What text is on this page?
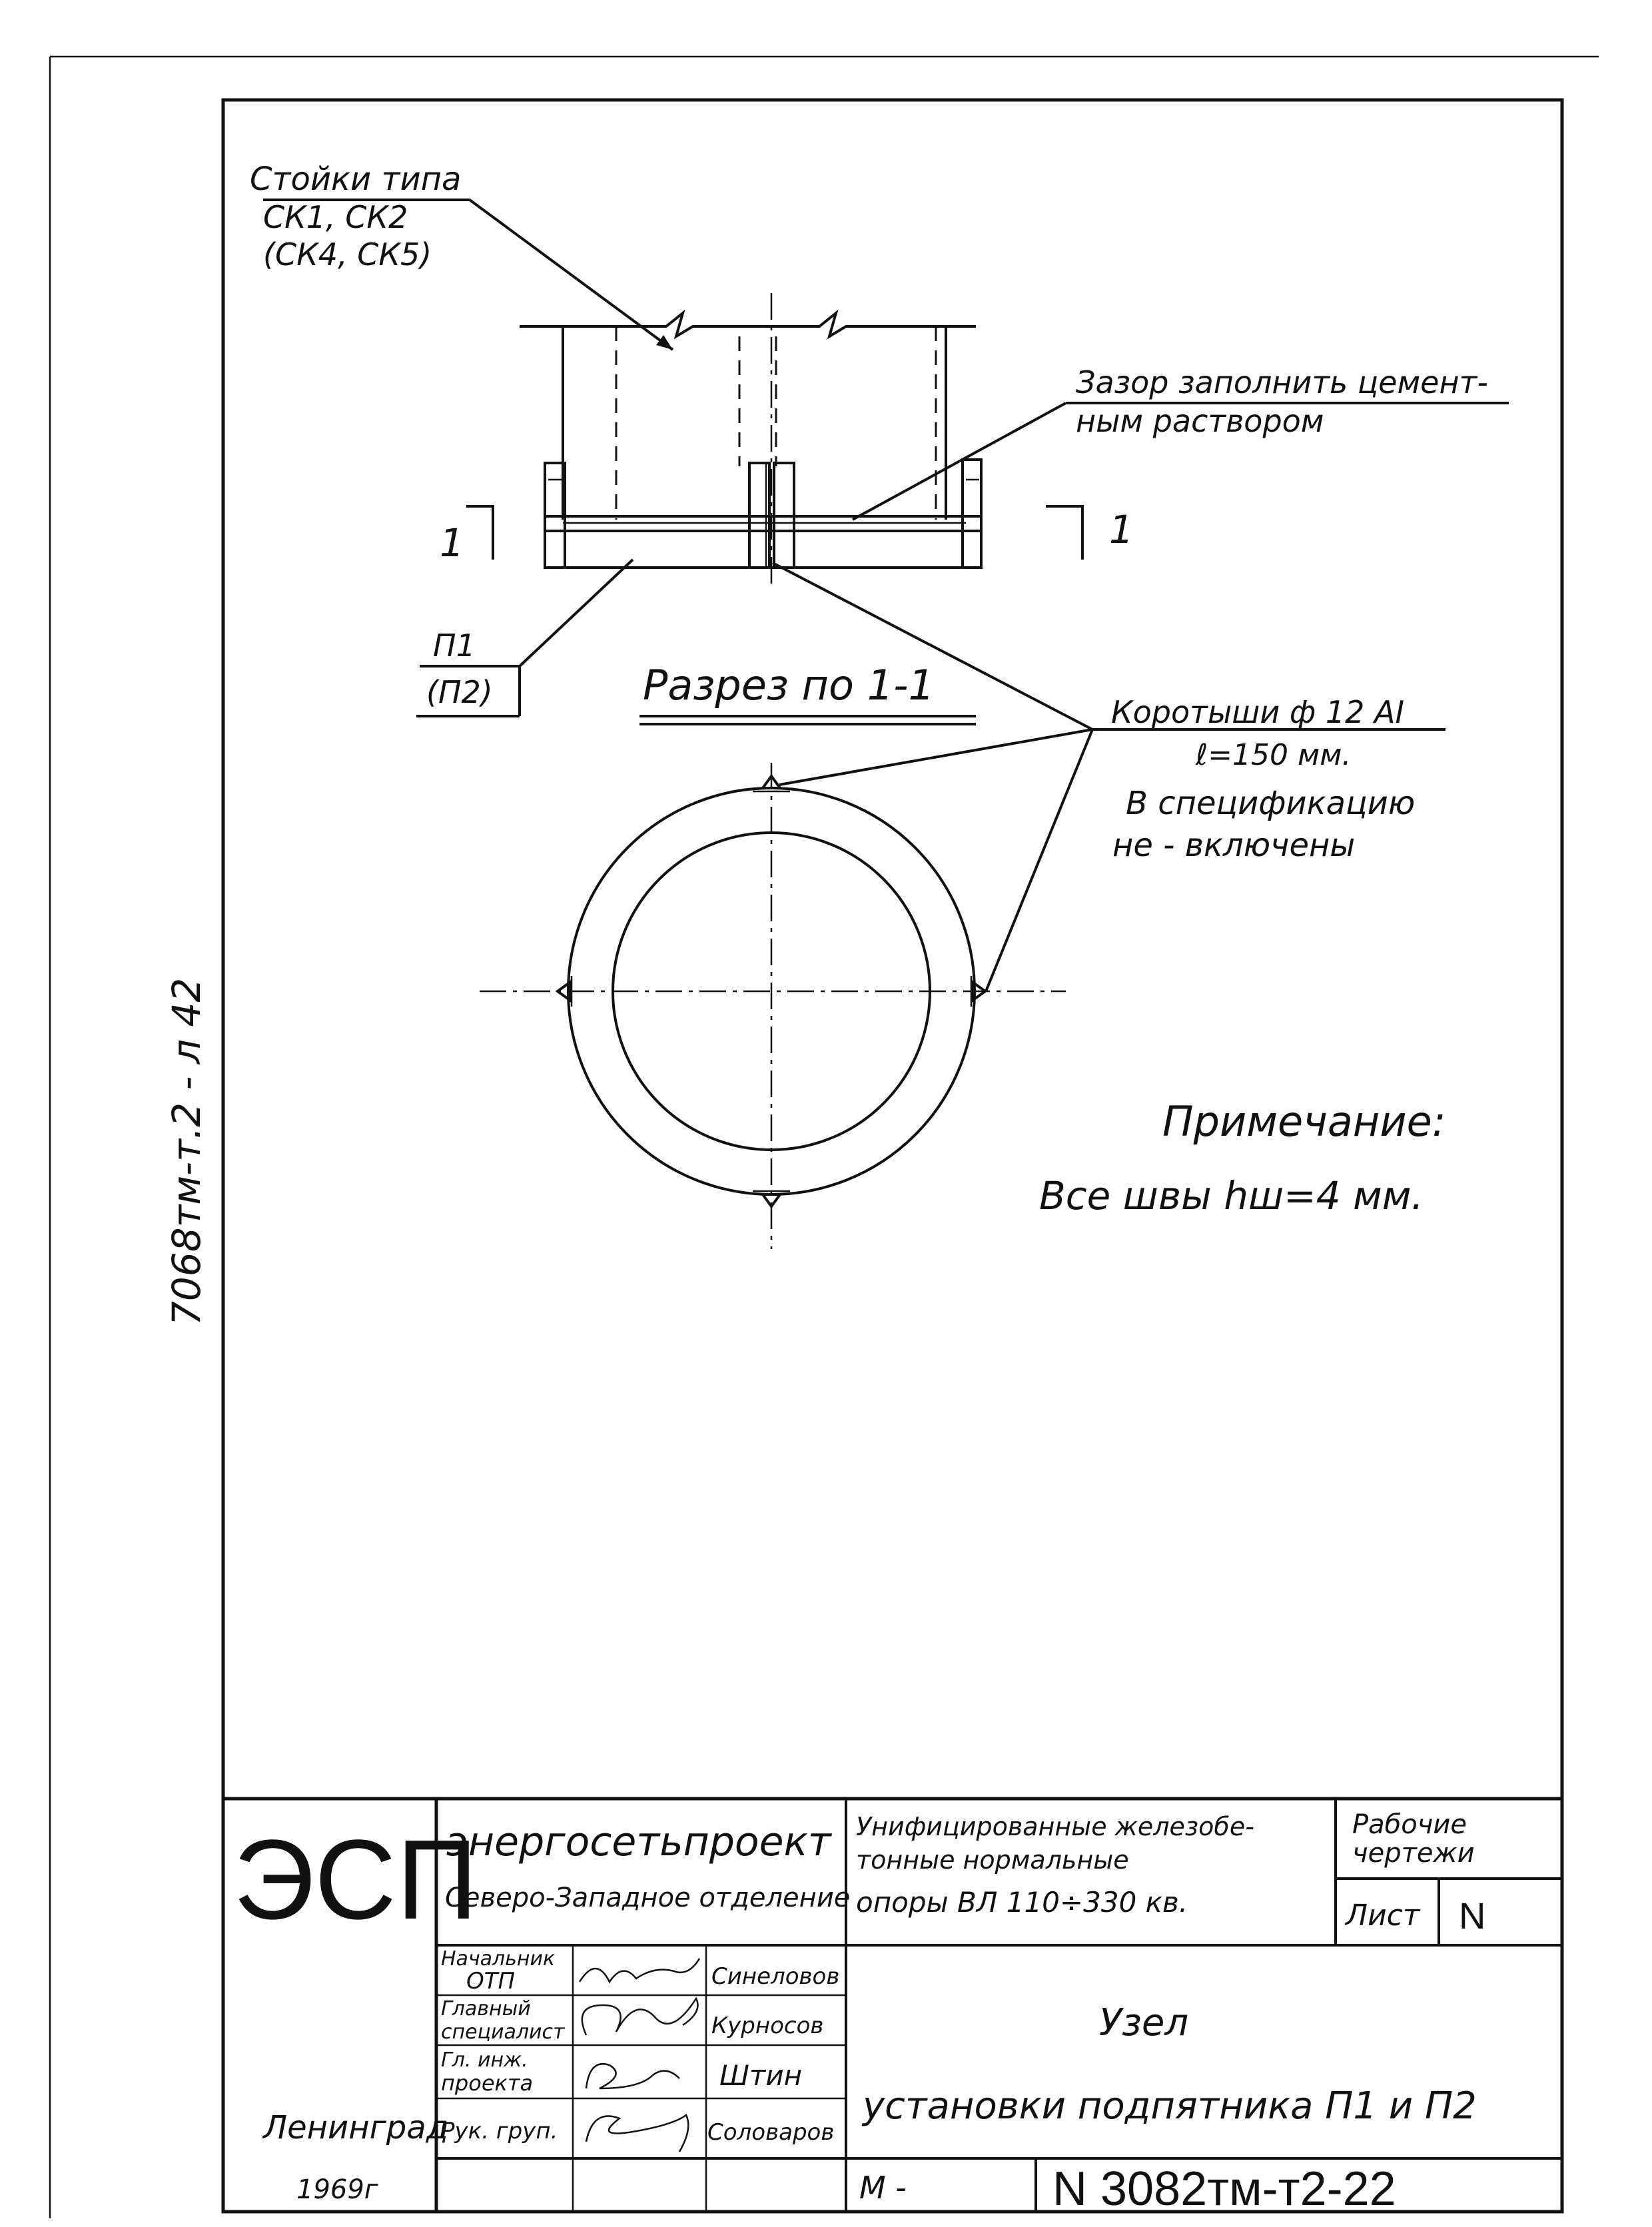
7068тм-т.2 - л 42
Стойки типа
СК1, СК2
(СК4, СК5)
Зазор заполнить цемент-
ным раствором
1	1
П1
(П2)	Разрез по 1-1
Коротыши ф 12 AI
ℓ=150 мм.
В спецификацию
не - включены
Примечание:
Все швы hш=4 мм.
ЭСП
энергосетьпроект
Северо-Западное отделение
Унифицированные железобе-
тонные нормальные
опоры ВЛ 110÷330 кв.
Рабочие
чертежи
Лист N
Начальник
ОТП	Синеловов
Главный
специалист	Курносов
Гл. инж.
проекта	Штин
Рук. груп.	Соловаров
Узел
установки подпятника П1 и П2
М -	N 3082тм-т2-22
Ленинград
1969г
